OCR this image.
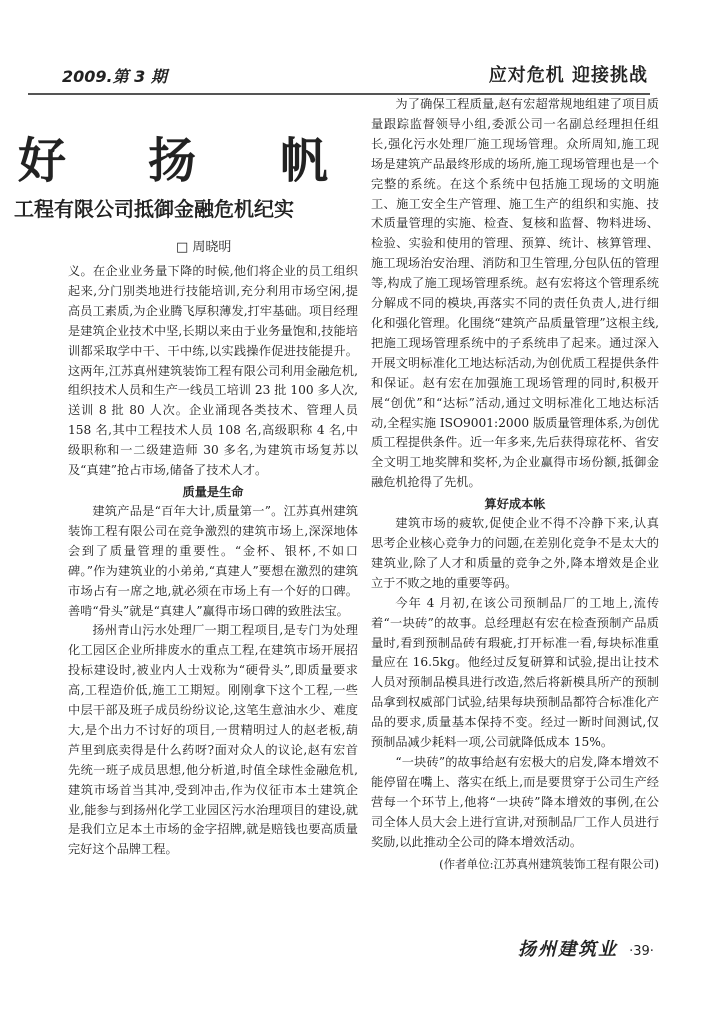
2009.第 3 期	应对危机 迎接挑战
好 扬 帆
工程有限公司抵御金融危机纪实
□ 周晓明

义。在企业业务量下降的时候,他们将企业的员工组织起来,分门别类地进行技能培训,充分利用市场空闲,提高员工素质,为企业腾飞厚积薄发,打牢基础。项目经理是建筑企业技术中坚,长期以来由于业务量饱和,技能培训都采取学中干、干中练,以实践操作促进技能提升。这两年,江苏真州建筑装饰工程有限公司利用金融危机,组织技术人员和生产一线员工培训 23 批 100 多人次,送训 8 批 80 人次。企业涌现各类技术、管理人员 158 名,其中工程技术人员 108 名,高级职称 4 名,中级职称和一二级建造师 30 多名,为建筑市场复苏以及“真建”抢占市场,储备了技术人才。

质量是生命

建筑产品是“百年大计,质量第一”。江苏真州建筑装饰工程有限公司在竞争激烈的建筑市场上,深深地体会到了质量管理的重要性。“金杯、银杯,不如口碑。”作为建筑业的小弟弟,“真建人”要想在激烈的建筑市场占有一席之地,就必须在市场上有一个好的口碑。善啃“骨头”就是“真建人”赢得市场口碑的致胜法宝。

扬州青山污水处理厂一期工程项目,是专门为处理化工园区企业所排废水的重点工程,在建筑市场开展招投标建设时,被业内人士戏称为“硬骨头”,即质量要求高,工程造价低,施工工期短。刚刚拿下这个工程,一些中层干部及班子成员纷纷议论,这笔生意油水少、难度大,是个出力不讨好的项目,一贯精明过人的赵老板,葫芦里到底卖得是什么药呀?面对众人的议论,赵有宏首先统一班子成员思想,他分析道,时值全球性金融危机,建筑市场首当其冲,受到冲击,作为仪征市本土建筑企业,能参与到扬州化学工业园区污水治理项目的建设,就是我们立足本土市场的金字招牌,就是赔钱也要高质量完好这个品牌工程。

为了确保工程质量,赵有宏超常规地组建了项目质量跟踪监督领导小组,委派公司一名副总经理担任组长,强化污水处理厂施工现场管理。众所周知,施工现场是建筑产品最终形成的场所,施工现场管理也是一个完整的系统。在这个系统中包括施工现场的文明施工、施工安全生产管理、施工生产的组织和实施、技术质量管理的实施、检查、复核和监督、物料进场、检验、实验和使用的管理、预算、统计、核算管理、施工现场治安治理、消防和卫生管理,分包队伍的管理等,构成了施工现场管理系统。赵有宏将这个管理系统分解成不同的模块,再落实不同的责任负责人,进行细化和强化管理。化围绕“建筑产品质量管理”这根主线,把施工现场管理系统中的子系统串了起来。通过深入开展文明标准化工地达标活动,为创优质工程提供条件和保证。赵有宏在加强施工现场管理的同时,积极开展“创优”和“达标”活动,通过文明标准化工地达标活动,全程实施 ISO9001:2000 版质量管理体系,为创优质工程提供条件。近一年多来,先后获得琼花杯、省安全文明工地奖牌和奖杯,为企业赢得市场份额,抵御金融危机抢得了先机。

算好成本帐

建筑市场的疲软,促使企业不得不冷静下来,认真思考企业核心竞争力的问题,在差别化竞争不是太大的建筑业,除了人才和质量的竞争之外,降本增效是企业立于不败之地的重要等码。

今年 4 月初,在该公司预制品厂的工地上,流传着“一块砖”的故事。总经理赵有宏在检查预制产品质量时,看到预制品砖有瑕疵,打开标准一看,每块标准重量应在 16.5kg。他经过反复研算和试验,提出让技术人员对预制品模具进行改造,然后将新模具所产的预制品拿到权威部门试验,结果每块预制品都符合标准化产品的要求,质量基本保持不变。经过一断时间测试,仅预制品减少耗料一项,公司就降低成本 15%。

“一块砖”的故事给赵有宏极大的启发,降本增效不能停留在嘴上、落实在纸上,而是要贯穿于公司生产经营每一个环节上,他将“一块砖”降本增效的事例,在公司全体人员大会上进行宣讲,对预制品厂工作人员进行奖励,以此推动全公司的降本增效活动。

(作者单位:江苏真州建筑装饰工程有限公司)

扬州建筑业 ·39·
